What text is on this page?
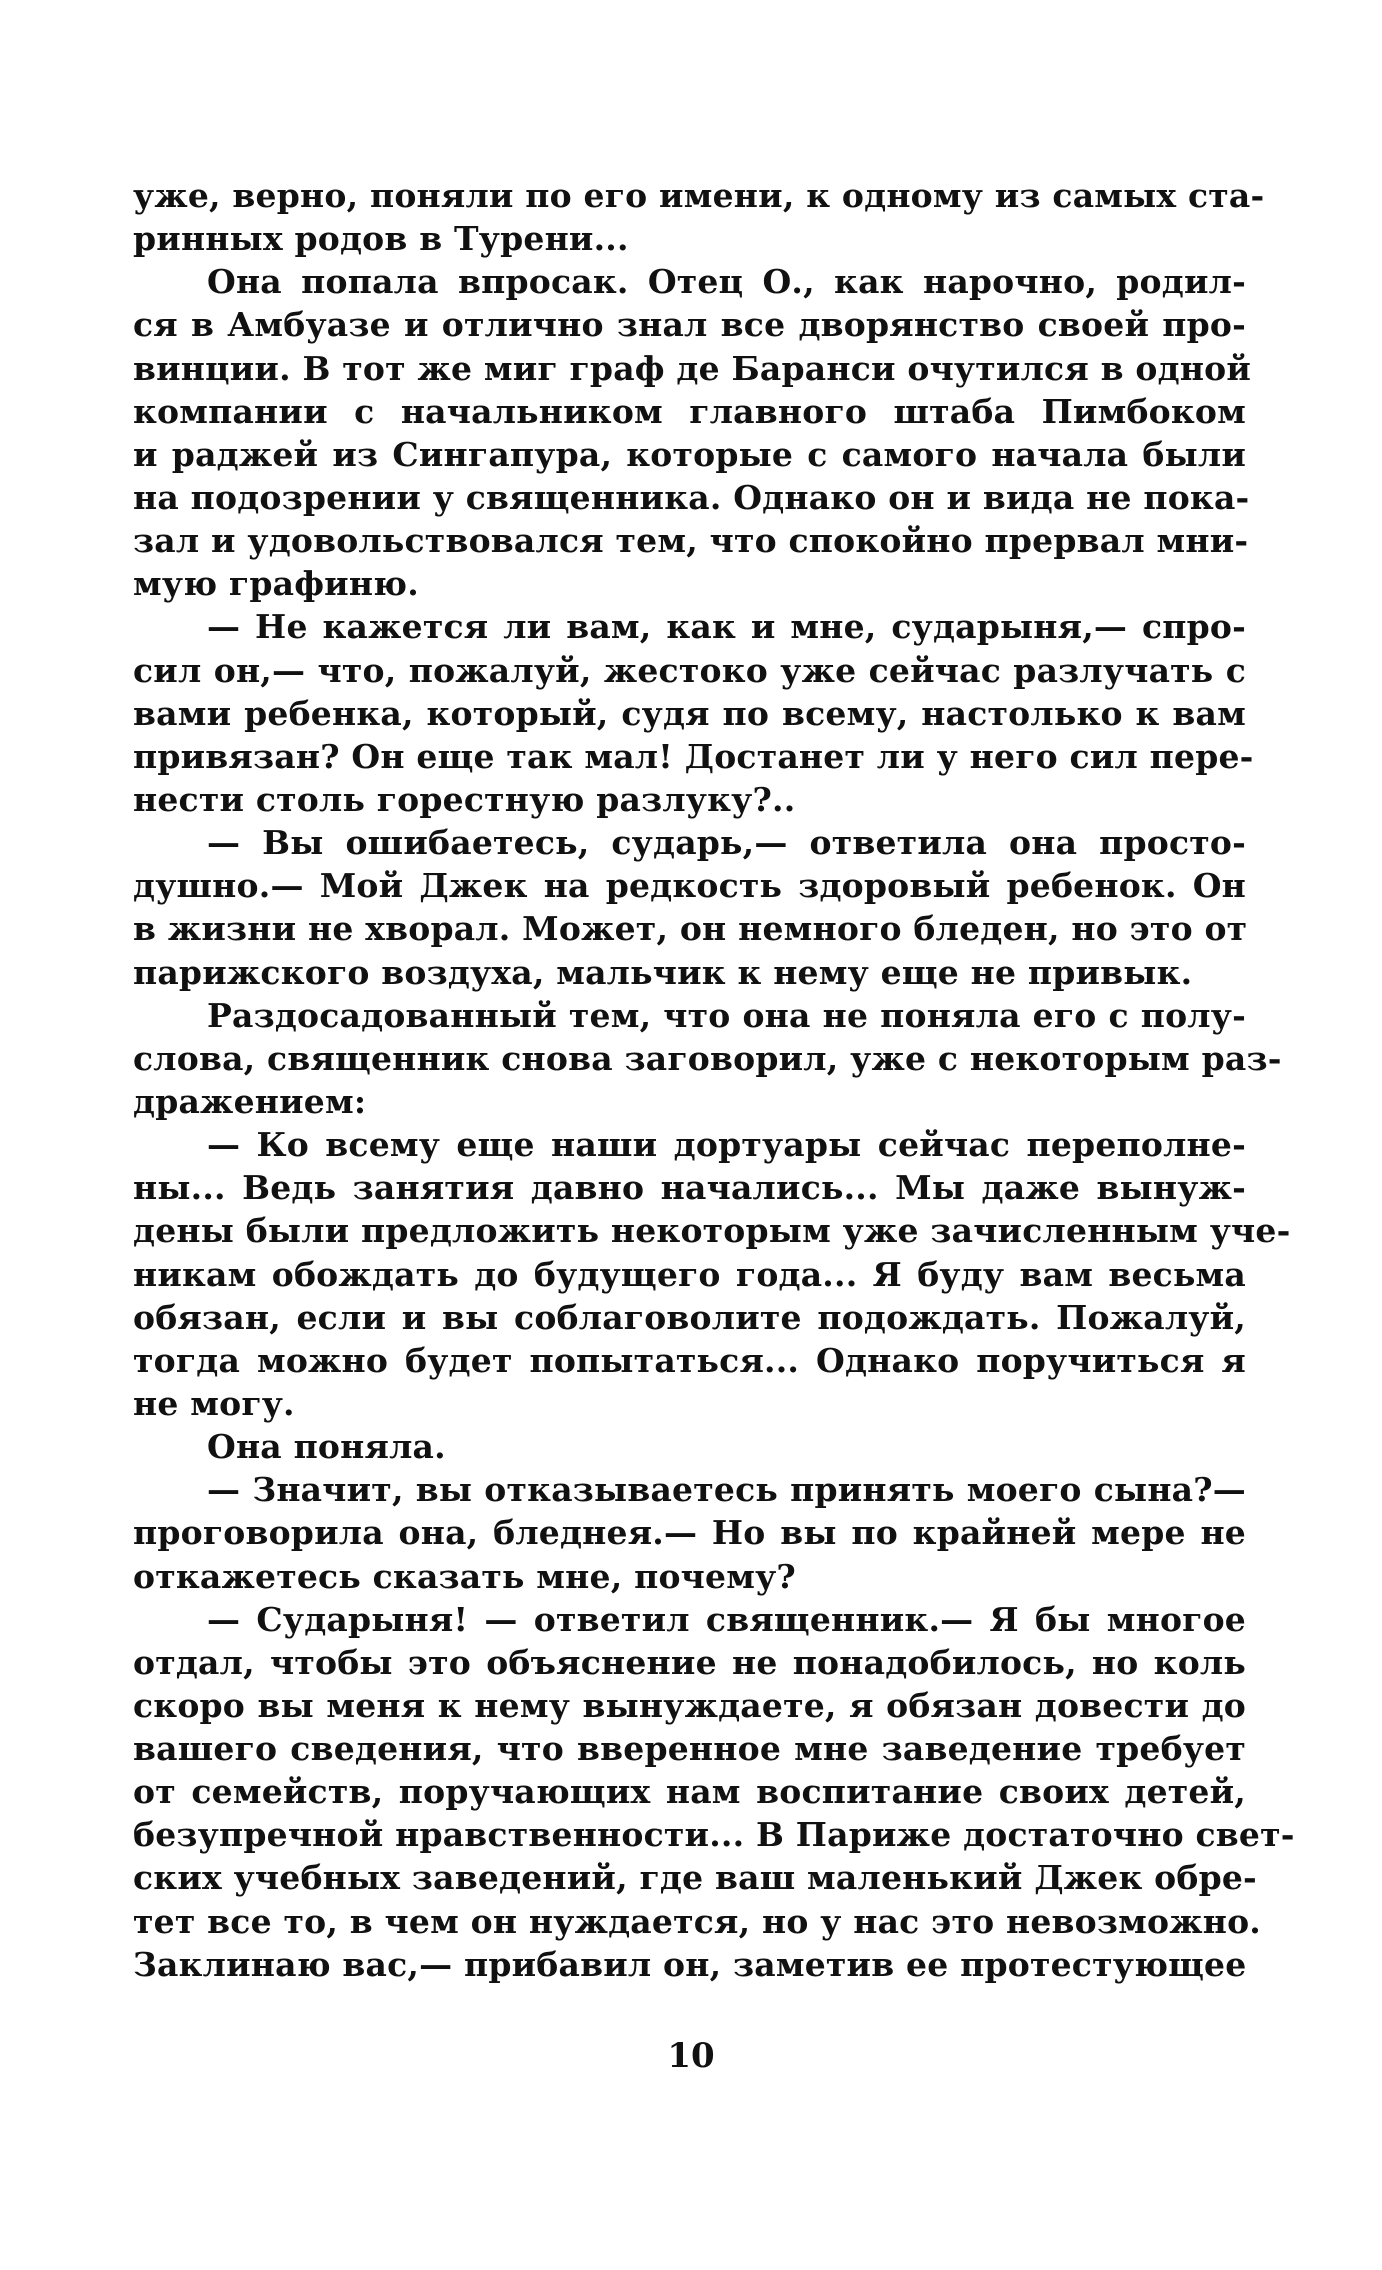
уже, верно, поняли по его имени, к одному из самых ста-
ринных родов в Турени...
Она попала впросак. Отец О., как нарочно, родил-
ся в Амбуазе и отлично знал все дворянство своей про-
винции. В тот же миг граф де Баранси очутился в одной
компании с начальником главного штаба Пимбоком
и раджей из Сингапура, которые с самого начала были
на подозрении у священника. Однако он и вида не пока-
зал и удовольствовался тем, что спокойно прервал мни-
мую графиню.
— Не кажется ли вам, как и мне, сударыня,— спро-
сил он,— что, пожалуй, жестоко уже сейчас разлучать с
вами ребенка, который, судя по всему, настолько к вам
привязан? Он еще так мал! Достанет ли у него сил пере-
нести столь горестную разлуку?..
— Вы ошибаетесь, сударь,— ответила она просто-
душно.— Мой Джек на редкость здоровый ребенок. Он
в жизни не хворал. Может, он немного бледен, но это от
парижского воздуха, мальчик к нему еще не привык.
Раздосадованный тем, что она не поняла его с полу-
слова, священник снова заговорил, уже с некоторым раз-
дражением:
— Ко всему еще наши дортуары сейчас переполне-
ны... Ведь занятия давно начались... Мы даже вынуж-
дены были предложить некоторым уже зачисленным уче-
никам обождать до будущего года... Я буду вам весьма
обязан, если и вы соблаговолите подождать. Пожалуй,
тогда можно будет попытаться... Однако поручиться я
не могу.
Она поняла.
— Значит, вы отказываетесь принять моего сына?—
проговорила она, бледнея.— Но вы по крайней мере не
откажетесь сказать мне, почему?
— Сударыня! — ответил священник.— Я бы многое
отдал, чтобы это объяснение не понадобилось, но коль
скоро вы меня к нему вынуждаете, я обязан довести до
вашего сведения, что вверенное мне заведение требует
от семейств, поручающих нам воспитание своих детей,
безупречной нравственности... В Париже достаточно свет-
ских учебных заведений, где ваш маленький Джек обре-
тет все то, в чем он нуждается, но у нас это невозможно.
Заклинаю вас,— прибавил он, заметив ее протестующее
10
